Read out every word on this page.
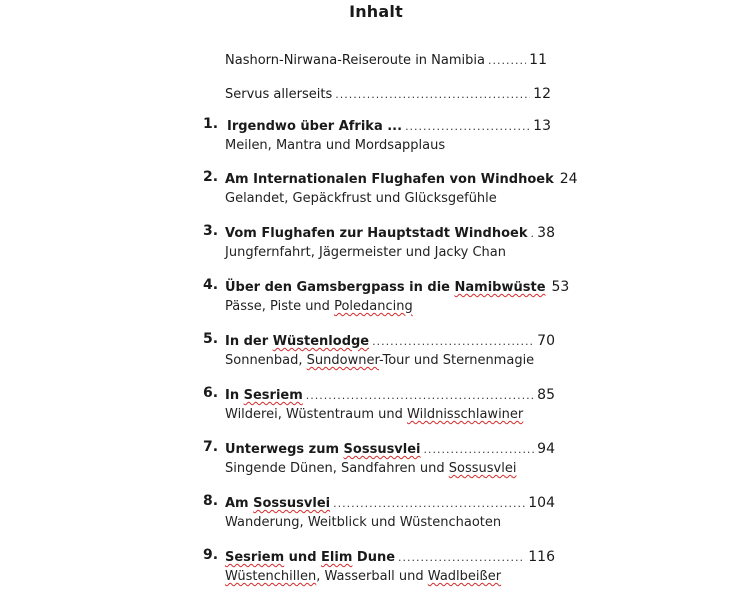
Inhalt
Nashorn-Nirwana-Reiseroute in Namibia .....	11
Servus allerseits .....	12
1. Irgendwo über Afrika ... .....	13
Meilen, Mantra und Mordsapplaus
2. Am Internationalen Flughafen von Windhoek 24
Gelandet, Gepäckfrust und Glücksgefühle
3. Vom Flughafen zur Hauptstadt Windhoek ..... 38
Jungfernfahrt, Jägermeister und Jacky Chan
4. Über den Gamsbergpass in die Namibwüste 53
Pässe, Piste und Poledancing
5. In der Wüstenlodge .....	70
Sonnenbad, Sundowner-Tour und Sternenmagie
6. In Sesriem .....	85
Wilderei, Wüstentraum und Wildnisschlawiner
7. Unterwegs zum Sossusvlei .....	94
Singende Dünen, Sandfahren und Sossusvlei
8. Am Sossusvlei .....	104
Wanderung, Weitblick und Wüstenchaoten
9. Sesriem und Elim Dune .....	116
Wüstenchillen, Wasserball und Wadlbeißer
